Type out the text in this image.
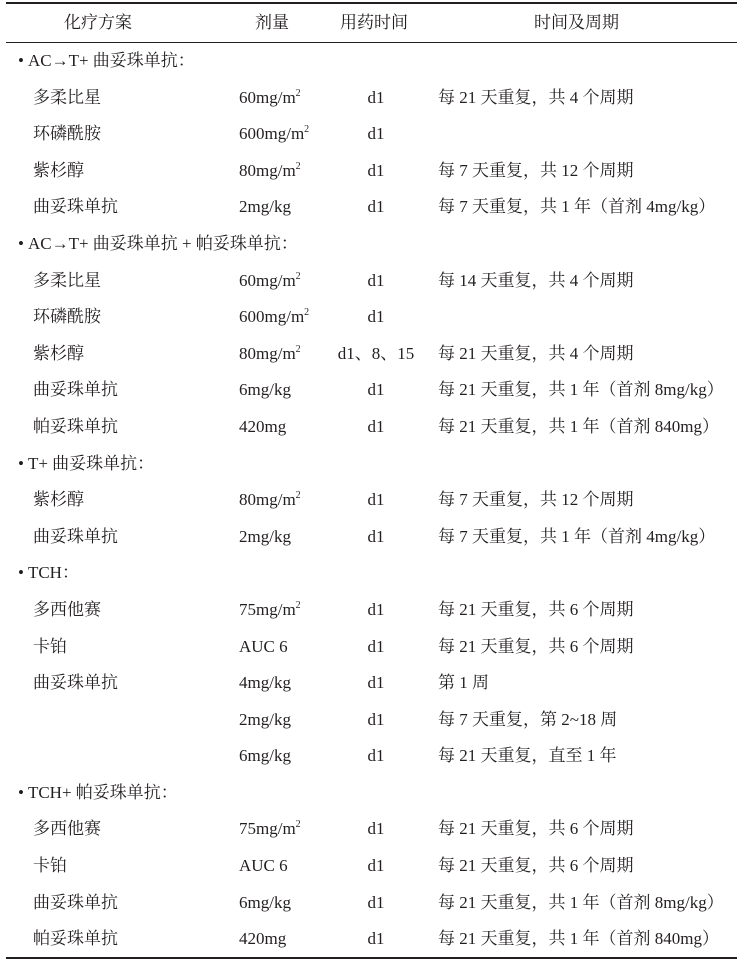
化疗方案	剂量	用药时间	时间及周期
• AC→T+ 曲妥珠单抗：
多柔比星	$60mg/m^2$	d1	每 21 天重复，共 4 个周期
环磷酰胺	$600mg/m^2$	d1
紫杉醇	$80mg/m^2$	d1	每 7 天重复，共 12 个周期
曲妥珠单抗	2mg/kg	d1	每 7 天重复，共 1 年（首剂 4mg/kg）
• AC→T+ 曲妥珠单抗 + 帕妥珠单抗：
多柔比星	$60mg/m^2$	d1	每 14 天重复，共 4 个周期
环磷酰胺	$600mg/m^2$	d1
紫杉醇	$80mg/m^2$	d1、8、15	每 21 天重复，共 4 个周期
曲妥珠单抗	6mg/kg	d1	每 21 天重复，共 1 年（首剂 8mg/kg）
帕妥珠单抗	420mg	d1	每 21 天重复，共 1 年（首剂 840mg）
• T+ 曲妥珠单抗：
紫杉醇	$80mg/m^2$	d1	每 7 天重复，共 12 个周期
曲妥珠单抗	2mg/kg	d1	每 7 天重复，共 1 年（首剂 4mg/kg）
• TCH：
多西他赛	$75mg/m^2$	d1	每 21 天重复，共 6 个周期
卡铂	AUC 6	d1	每 21 天重复，共 6 个周期
曲妥珠单抗	4mg/kg	d1	第 1 周
2mg/kg	d1	每 7 天重复，第 2~18 周
6mg/kg	d1	每 21 天重复，直至 1 年
• TCH+ 帕妥珠单抗：
多西他赛	$75mg/m^2$	d1	每 21 天重复，共 6 个周期
卡铂	AUC 6	d1	每 21 天重复，共 6 个周期
曲妥珠单抗	6mg/kg	d1	每 21 天重复，共 1 年（首剂 8mg/kg）
帕妥珠单抗	420mg	d1	每 21 天重复，共 1 年（首剂 840mg）
